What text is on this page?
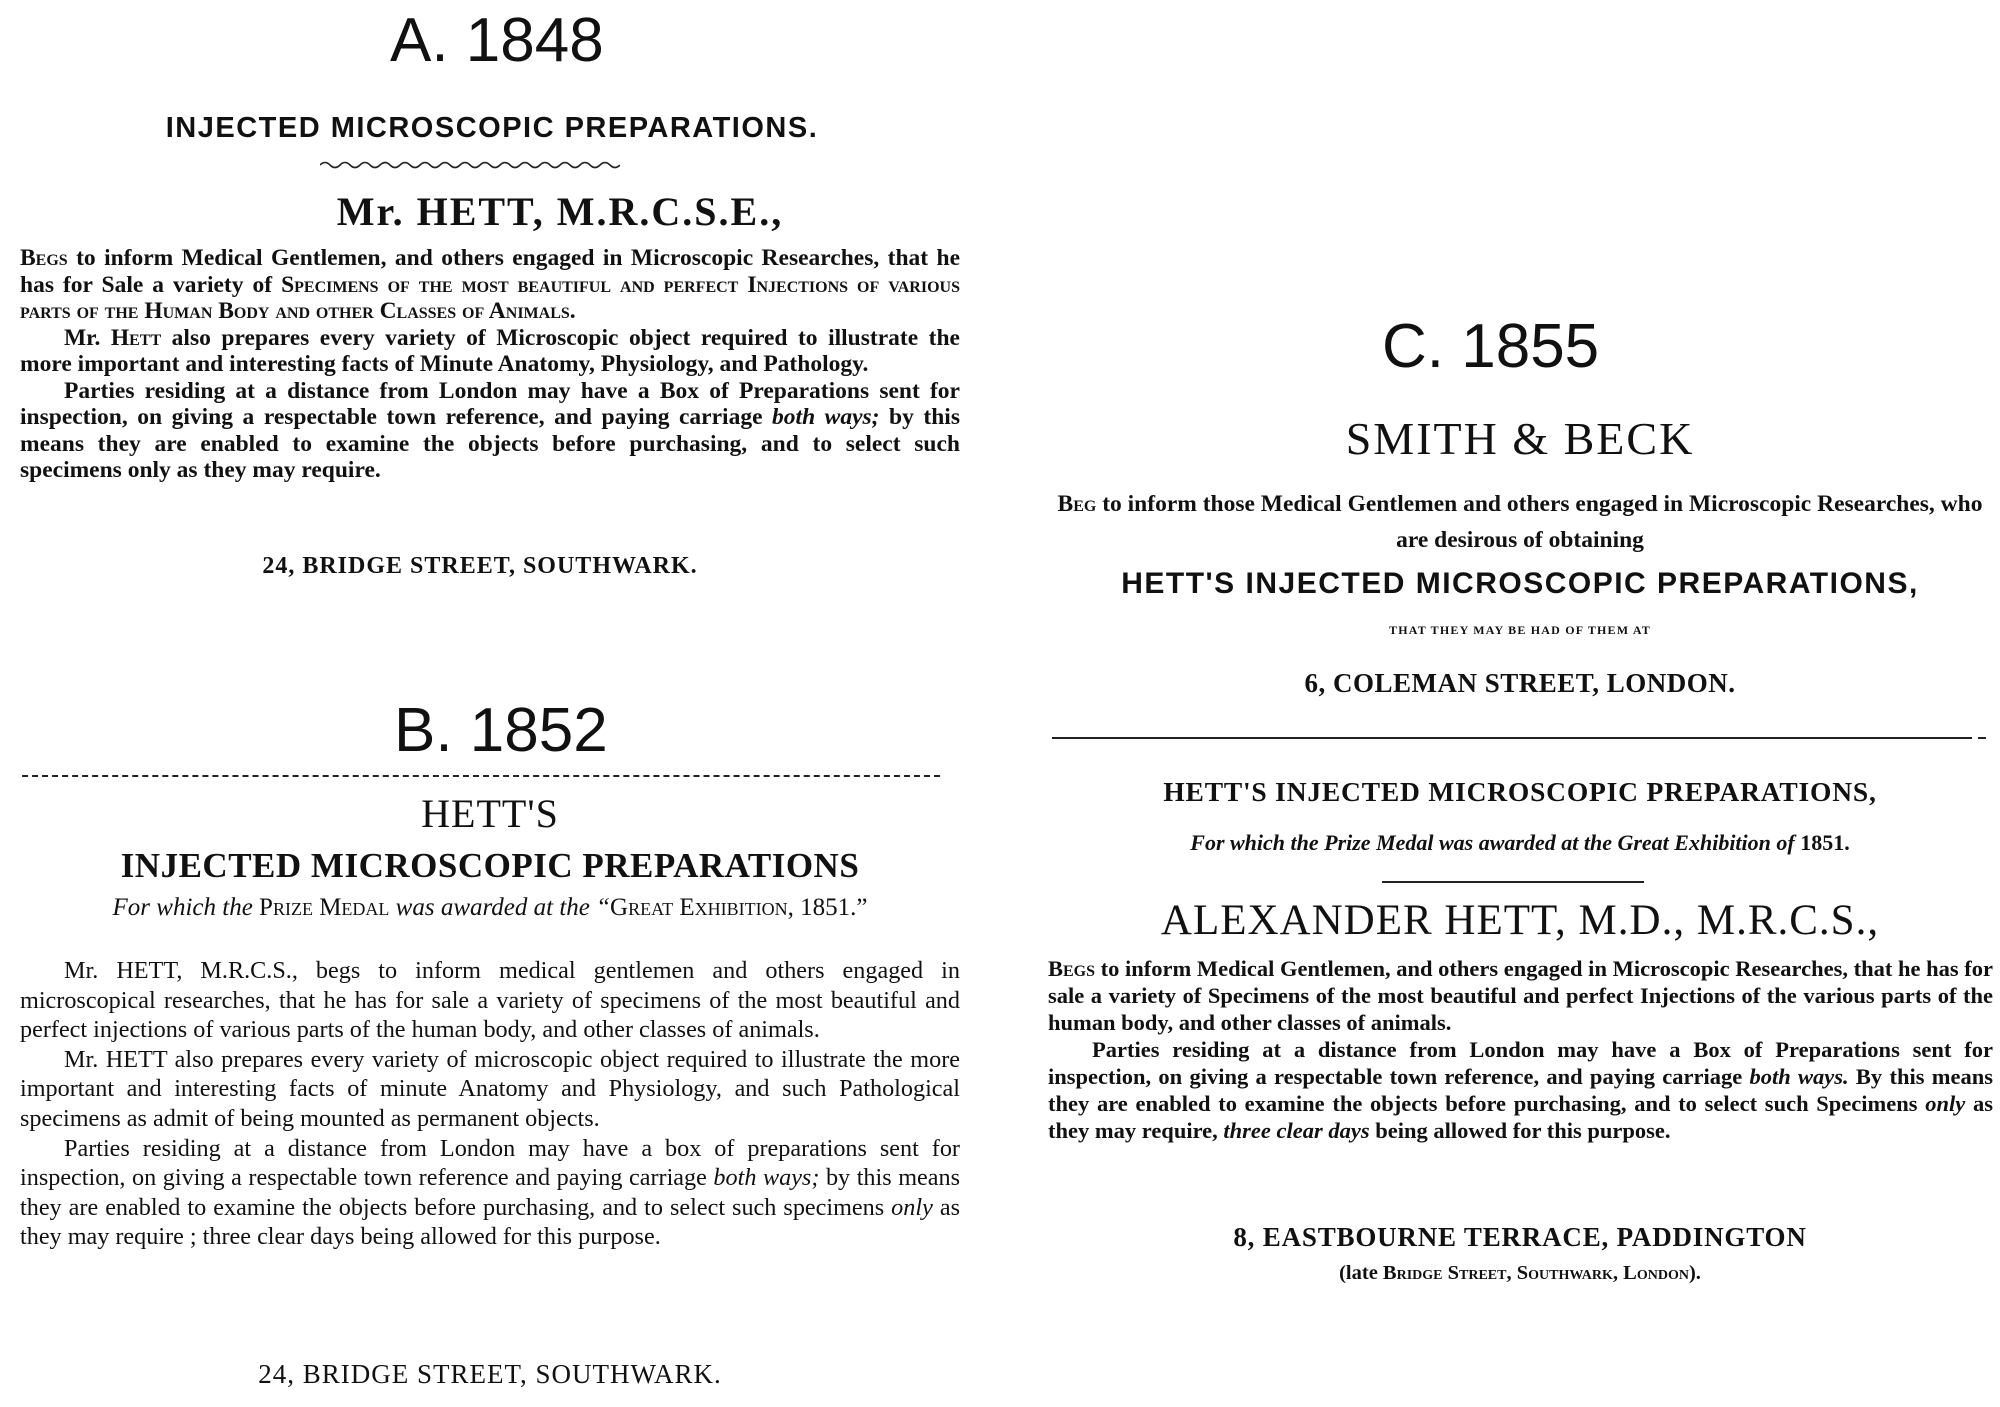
A. 1848
B. 1852
C. 1855
INJECTED MICROSCOPIC PREPARATIONS.
Mr. HETT, M.R.C.S.E.,

Begs to inform Medical Gentlemen, and others engaged in Microscopic Researches, that he has for Sale a variety of Specimens of the most beautiful and perfect Injections of various parts of the Human Body and other Classes of Animals.

Mr. Hett also prepares every variety of Microscopic object required to illustrate the more important and interesting facts of Minute Anatomy, Physiology, and Pathology.

Parties residing at a distance from London may have a Box of Preparations sent for inspection, on giving a respectable town reference, and paying carriage both ways; by this means they are enabled to examine the objects before purchasing, and to select such specimens only as they may require.

24, BRIDGE STREET, SOUTHWARK.
HETT'S
INJECTED MICROSCOPIC PREPARATIONS
For which the Prize Medal was awarded at the “Great Exhibition, 1851.”

Mr. HETT, M.R.C.S., begs to inform medical gentlemen and others engaged in microscopical researches, that he has for sale a variety of specimens of the most beautiful and perfect injections of various parts of the human body, and other classes of animals.

Mr. HETT also prepares every variety of microscopic object required to illustrate the more important and interesting facts of minute Anatomy and Physiology, and such Pathological specimens as admit of being mounted as permanent objects.

Parties residing at a distance from London may have a box of preparations sent for inspection, on giving a respectable town reference and paying carriage both ways; by this means they are enabled to examine the objects before purchasing, and to select such specimens only as they may require ; three clear days being allowed for this purpose.

24, BRIDGE STREET, SOUTHWARK.
SMITH & BECK
Beg to inform those Medical Gentlemen and others engaged in Microscopic Researches, who are desirous of obtaining
HETT'S INJECTED MICROSCOPIC PREPARATIONS,
THAT THEY MAY BE HAD OF THEM AT
6, COLEMAN STREET, LONDON.
HETT'S INJECTED MICROSCOPIC PREPARATIONS,
For which the Prize Medal was awarded at the Great Exhibition of 1851.
ALEXANDER HETT, M.D., M.R.C.S.,

Begs to inform Medical Gentlemen, and others engaged in Microscopic Researches, that he has for sale a variety of Specimens of the most beautiful and perfect Injections of the various parts of the human body, and other classes of animals.

Parties residing at a distance from London may have a Box of Preparations sent for inspection, on giving a respectable town reference, and paying carriage both ways. By this means they are enabled to examine the objects before purchasing, and to select such Specimens only as they may require, three clear days being allowed for this purpose.

8, EASTBOURNE TERRACE, PADDINGTON
(late Bridge Street, Southwark, London).
